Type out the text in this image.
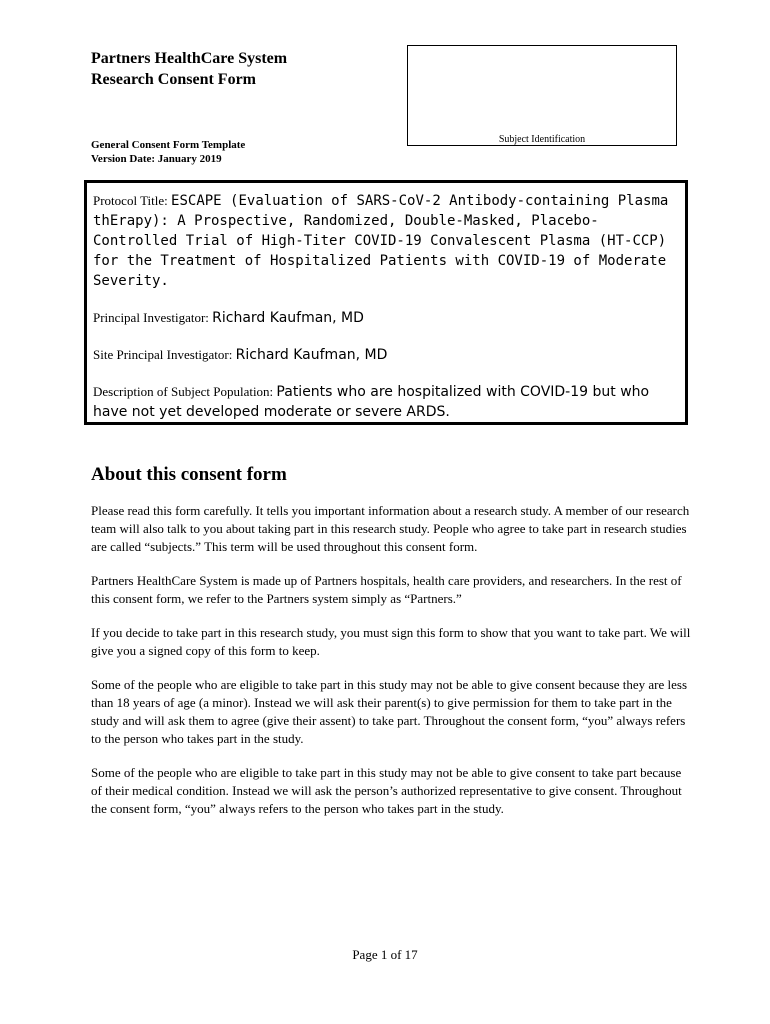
Partners HealthCare System
Research Consent Form
General Consent Form Template
Version Date: January 2019
Subject Identification

Protocol Title: ESCAPE (Evaluation of SARS-CoV-2 Antibody-containing Plasma thErapy): A Prospective, Randomized, Double-Masked, Placebo-Controlled Trial of High-Titer COVID-19 Convalescent Plasma (HT-CCP) for the Treatment of Hospitalized Patients with COVID-19 of Moderate Severity.

Principal Investigator: Richard Kaufman, MD

Site Principal Investigator: Richard Kaufman, MD

Description of Subject Population: Patients who are hospitalized with COVID-19 but who have not yet developed moderate or severe ARDS.

About this consent form

Please read this form carefully. It tells you important information about a research study. A member of our research team will also talk to you about taking part in this research study. People who agree to take part in research studies are called “subjects.” This term will be used throughout this consent form.

Partners HealthCare System is made up of Partners hospitals, health care providers, and researchers. In the rest of this consent form, we refer to the Partners system simply as “Partners.”

If you decide to take part in this research study, you must sign this form to show that you want to take part. We will give you a signed copy of this form to keep.

Some of the people who are eligible to take part in this study may not be able to give consent because they are less than 18 years of age (a minor). Instead we will ask their parent(s) to give permission for them to take part in the study and will ask them to agree (give their assent) to take part. Throughout the consent form, “you” always refers to the person who takes part in the study.

Some of the people who are eligible to take part in this study may not be able to give consent to take part because of their medical condition. Instead we will ask the person’s authorized representative to give consent. Throughout the consent form, “you” always refers to the person who takes part in the study.

Page 1 of 17
